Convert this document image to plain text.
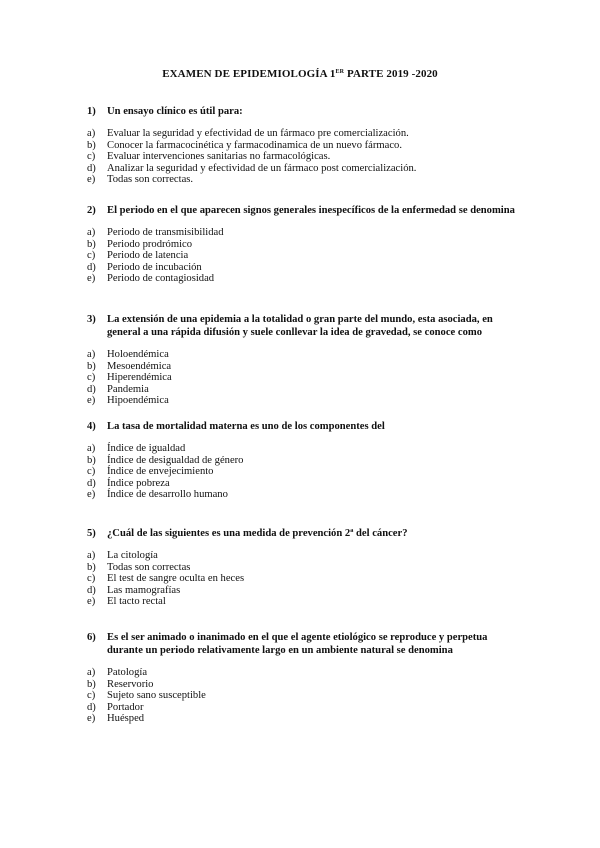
EXAMEN DE EPIDEMIOLOGÍA 1ER PARTE 2019 -2020
1)	Un ensayo clínico es útil para:
a)	Evaluar la seguridad y efectividad de un fármaco pre comercialización.
b)	Conocer la farmacocinética y farmacodinamica de un nuevo fármaco.
c)	Evaluar intervenciones sanitarias no farmacológicas.
d)	Analizar la seguridad y efectividad de un fármaco post comercialización.
e)	Todas son correctas.
2)	El periodo en el que aparecen signos generales inespecíficos de la enfermedad se denomina
a)	Periodo de transmisibilidad
b)	Periodo prodrómico
c)	Periodo de latencia
d)	Periodo de incubación
e)	Periodo de contagiosidad
3)	La extensión de una epidemia a la totalidad o gran parte del mundo, esta asociada, en general a una rápida difusión y suele conllevar la idea de gravedad, se conoce como
a)	Holoendémica
b)	Mesoendémica
c)	Hiperendémica
d)	Pandemia
e)	Hipoendémica
4)	La tasa de mortalidad materna es uno de los componentes del
a)	Índice de igualdad
b)	Índice de desigualdad de género
c)	Índice de envejecimiento
d)	Índice pobreza
e)	Índice de desarrollo humano
5)	¿Cuál de las siguientes es una medida de prevención 2ª del cáncer?
a)	La citología
b)	Todas son correctas
c)	El test de sangre oculta en heces
d)	Las mamografías
e)	El tacto rectal
6)	Es el ser animado o inanimado en el que el agente etiológico se reproduce y perpetua durante un periodo relativamente largo en un ambiente natural se denomina
a)	Patología
b)	Reservorio
c)	Sujeto sano susceptible
d)	Portador
e)	Huésped
